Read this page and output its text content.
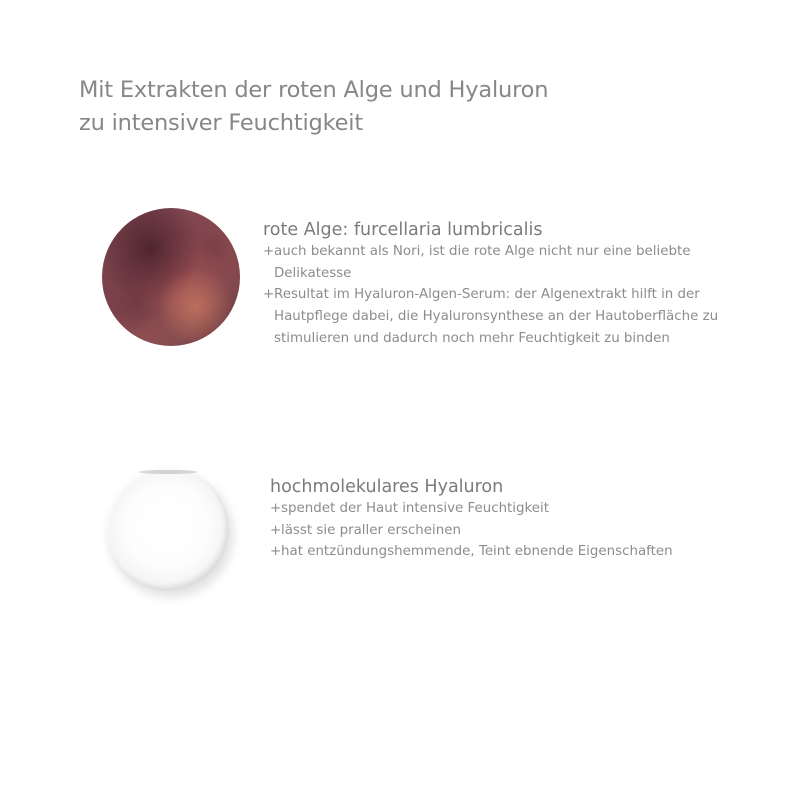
Mit Extrakten der roten Alge und Hyaluron
zu intensiver Feuchtigkeit
rote Alge: furcellaria lumbricalis
+ auch bekannt als Nori, ist die rote Alge nicht nur eine beliebte Delikatesse
+ Resultat im Hyaluron-Algen-Serum: der Algenextrakt hilft in der Hautpflege dabei, die Hyaluronsynthese an der Hautoberfläche zu stimulieren und dadurch noch mehr Feuchtigkeit zu binden
hochmolekulares Hyaluron
+ spendet der Haut intensive Feuchtigkeit
+ lässt sie praller erscheinen
+ hat entzündungshemmende, Teint ebnende Eigenschaften
